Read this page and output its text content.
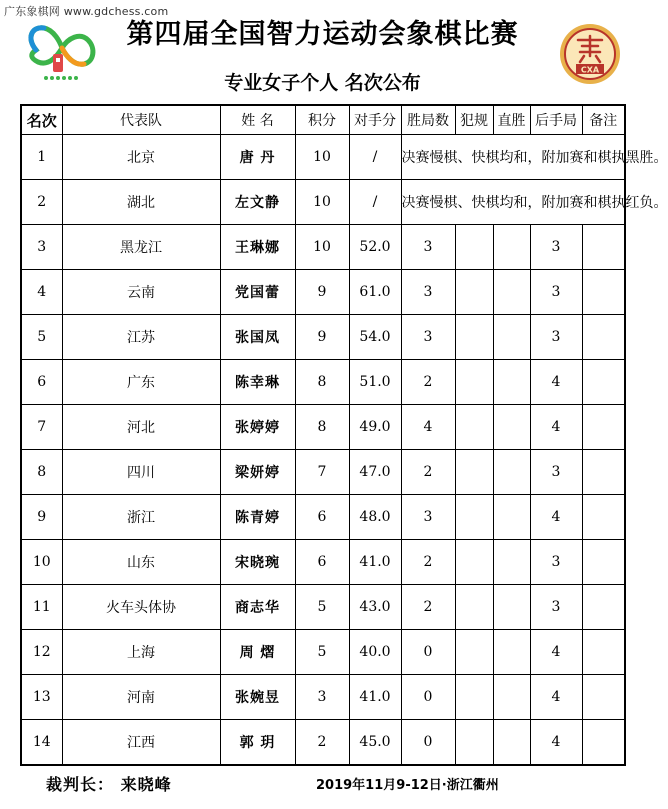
广东象棋网 www.gdchess.com
CXA
第四届全国智力运动会象棋比赛
专业女子个人 名次公布
名次	代表队	姓 名	积分	对手分	胜局数	犯规	直胜	后手局	备注
1	北京	唐 丹	10	/	决赛慢棋、快棋均和，附加赛和棋执黑胜。				
2	湖北	左文静	10	/	决赛慢棋、快棋均和，附加赛和棋执红负。				
3	黑龙江	王琳娜	10	52.0	3			3	
4	云南	党国蕾	9	61.0	3			3	
5	江苏	张国凤	9	54.0	3			3	
6	广东	陈幸琳	8	51.0	2			4	
7	河北	张婷婷	8	49.0	4			4	
8	四川	梁妍婷	7	47.0	2			3	
9	浙江	陈青婷	6	48.0	3			4	
10	山东	宋晓琬	6	41.0	2			3	
11	火车头体协	商志华	5	43.0	2			3	
12	上海	周 熠	5	40.0	0			4	
13	河南	张婉昱	3	41.0	0			4	
14	江西	郭 玥	2	45.0	0			4	
裁判长： 来晓峰	2019年11月9-12日·浙江衢州
